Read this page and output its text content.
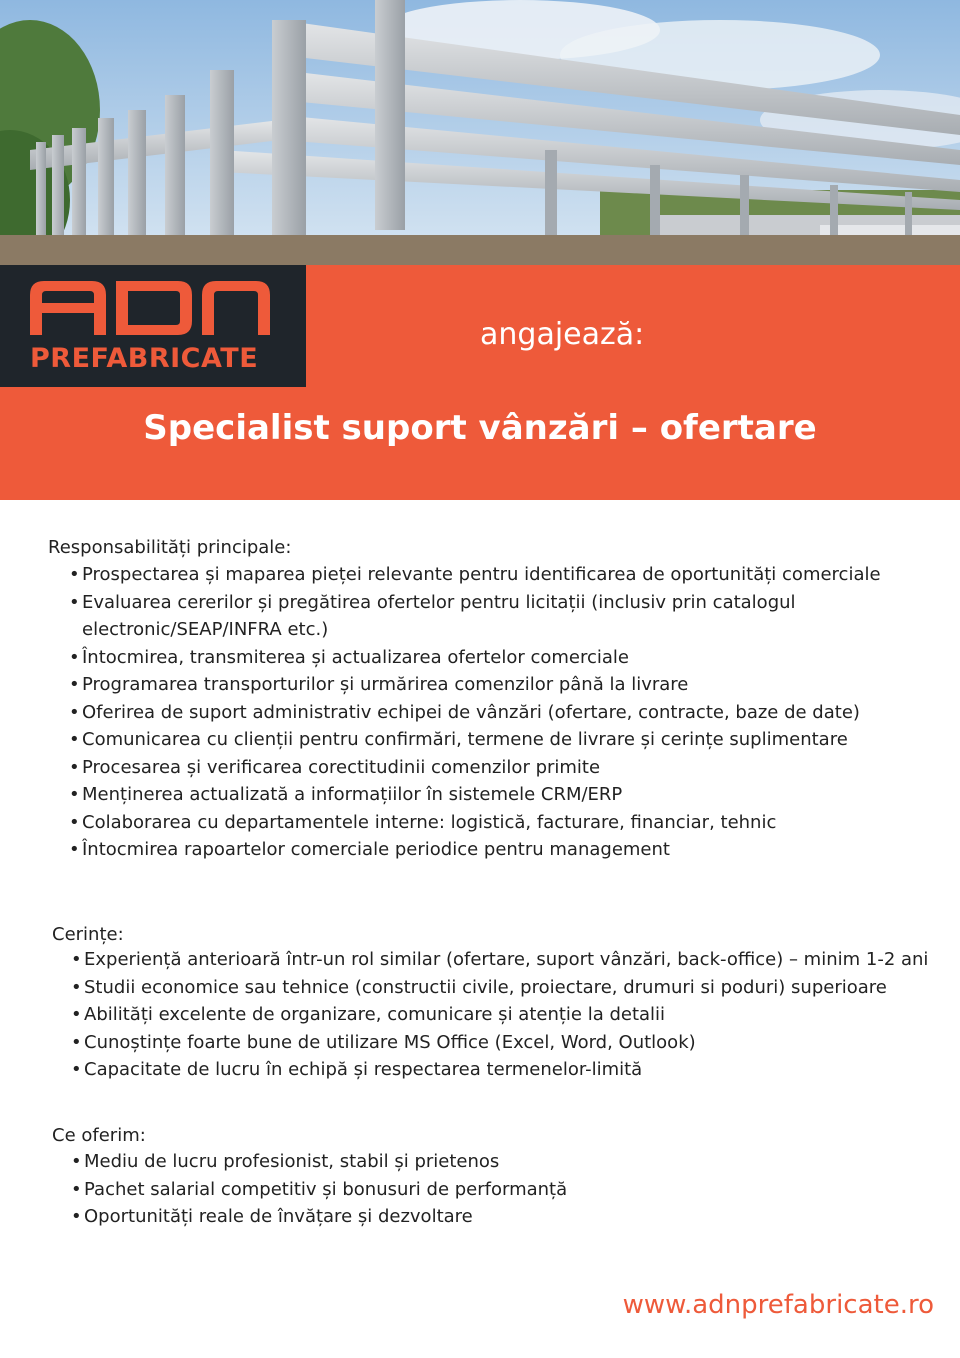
PREFABRICATE
angajează:
Specialist suport vânzări – ofertare
Responsabilități principale:
• Prospectarea și maparea pieței relevante pentru identificarea de oportunități comerciale
• Evaluarea cererilor și pregătirea ofertelor pentru licitații (inclusiv prin catalogul electronic/SEAP/INFRA etc.)
• Întocmirea, transmiterea și actualizarea ofertelor comerciale
• Programarea transporturilor și urmărirea comenzilor până la livrare
• Oferirea de suport administrativ echipei de vânzări (ofertare, contracte, baze de date)
• Comunicarea cu clienții pentru confirmări, termene de livrare și cerințe suplimentare
• Procesarea și verificarea corectitudinii comenzilor primite
• Menținerea actualizată a informațiilor în sistemele CRM/ERP
• Colaborarea cu departamentele interne: logistică, facturare, financiar, tehnic
• Întocmirea rapoartelor comerciale periodice pentru management
Cerințe:
• Experiență anterioară într-un rol similar (ofertare, suport vânzări, back-office) – minim 1-2 ani
• Studii economice sau tehnice (constructii civile, proiectare, drumuri si poduri) superioare
• Abilități excelente de organizare, comunicare și atenție la detalii
• Cunoștințe foarte bune de utilizare MS Office (Excel, Word, Outlook)
• Capacitate de lucru în echipă și respectarea termenelor-limită
Ce oferim:
• Mediu de lucru profesionist, stabil și prietenos
• Pachet salarial competitiv și bonusuri de performanță
• Oportunități reale de învățare și dezvoltare
www.adnprefabricate.ro
